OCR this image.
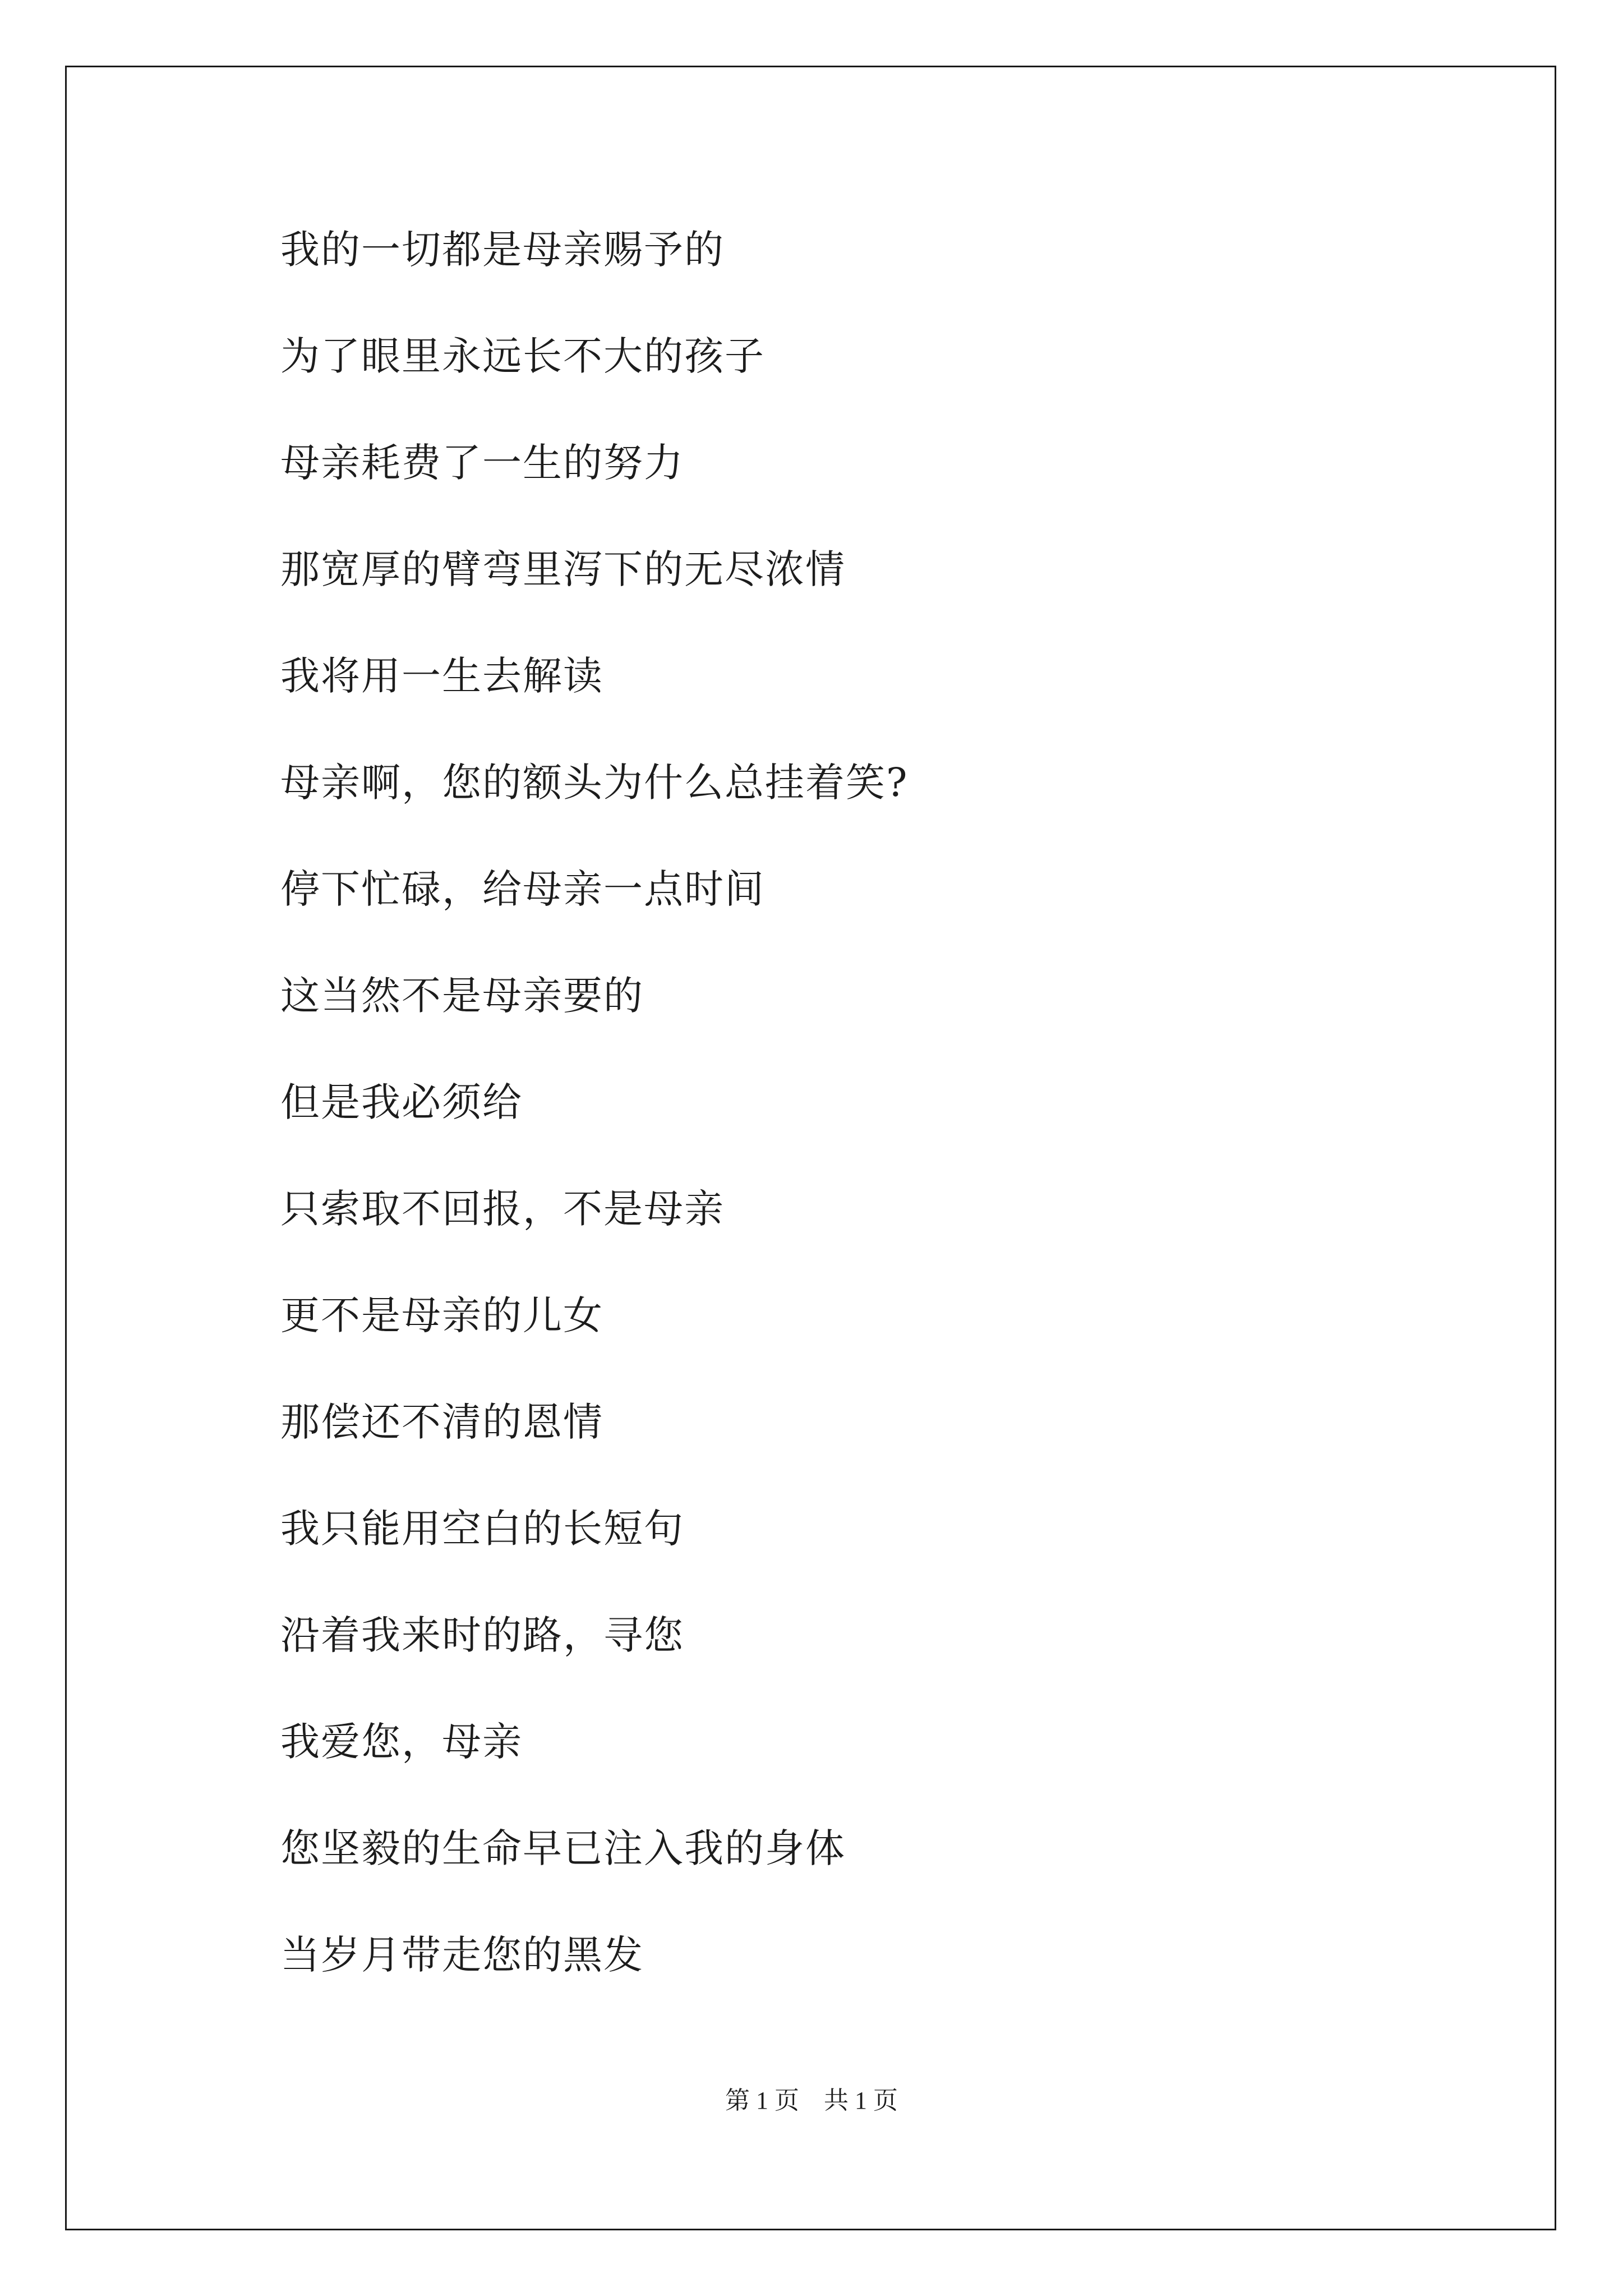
我的一切都是母亲赐予的
为了眼里永远长不大的孩子
母亲耗费了一生的努力
那宽厚的臂弯里泻下的无尽浓情
我将用一生去解读
母亲啊，您的额头为什么总挂着笑?
停下忙碌，给母亲一点时间
这当然不是母亲要的
但是我必须给
只索取不回报，不是母亲
更不是母亲的儿女
那偿还不清的恩情
我只能用空白的长短句
沿着我来时的路，寻您
我爱您，母亲
您坚毅的生命早已注入我的身体
当岁月带走您的黑发
第 1 页 共 1 页
